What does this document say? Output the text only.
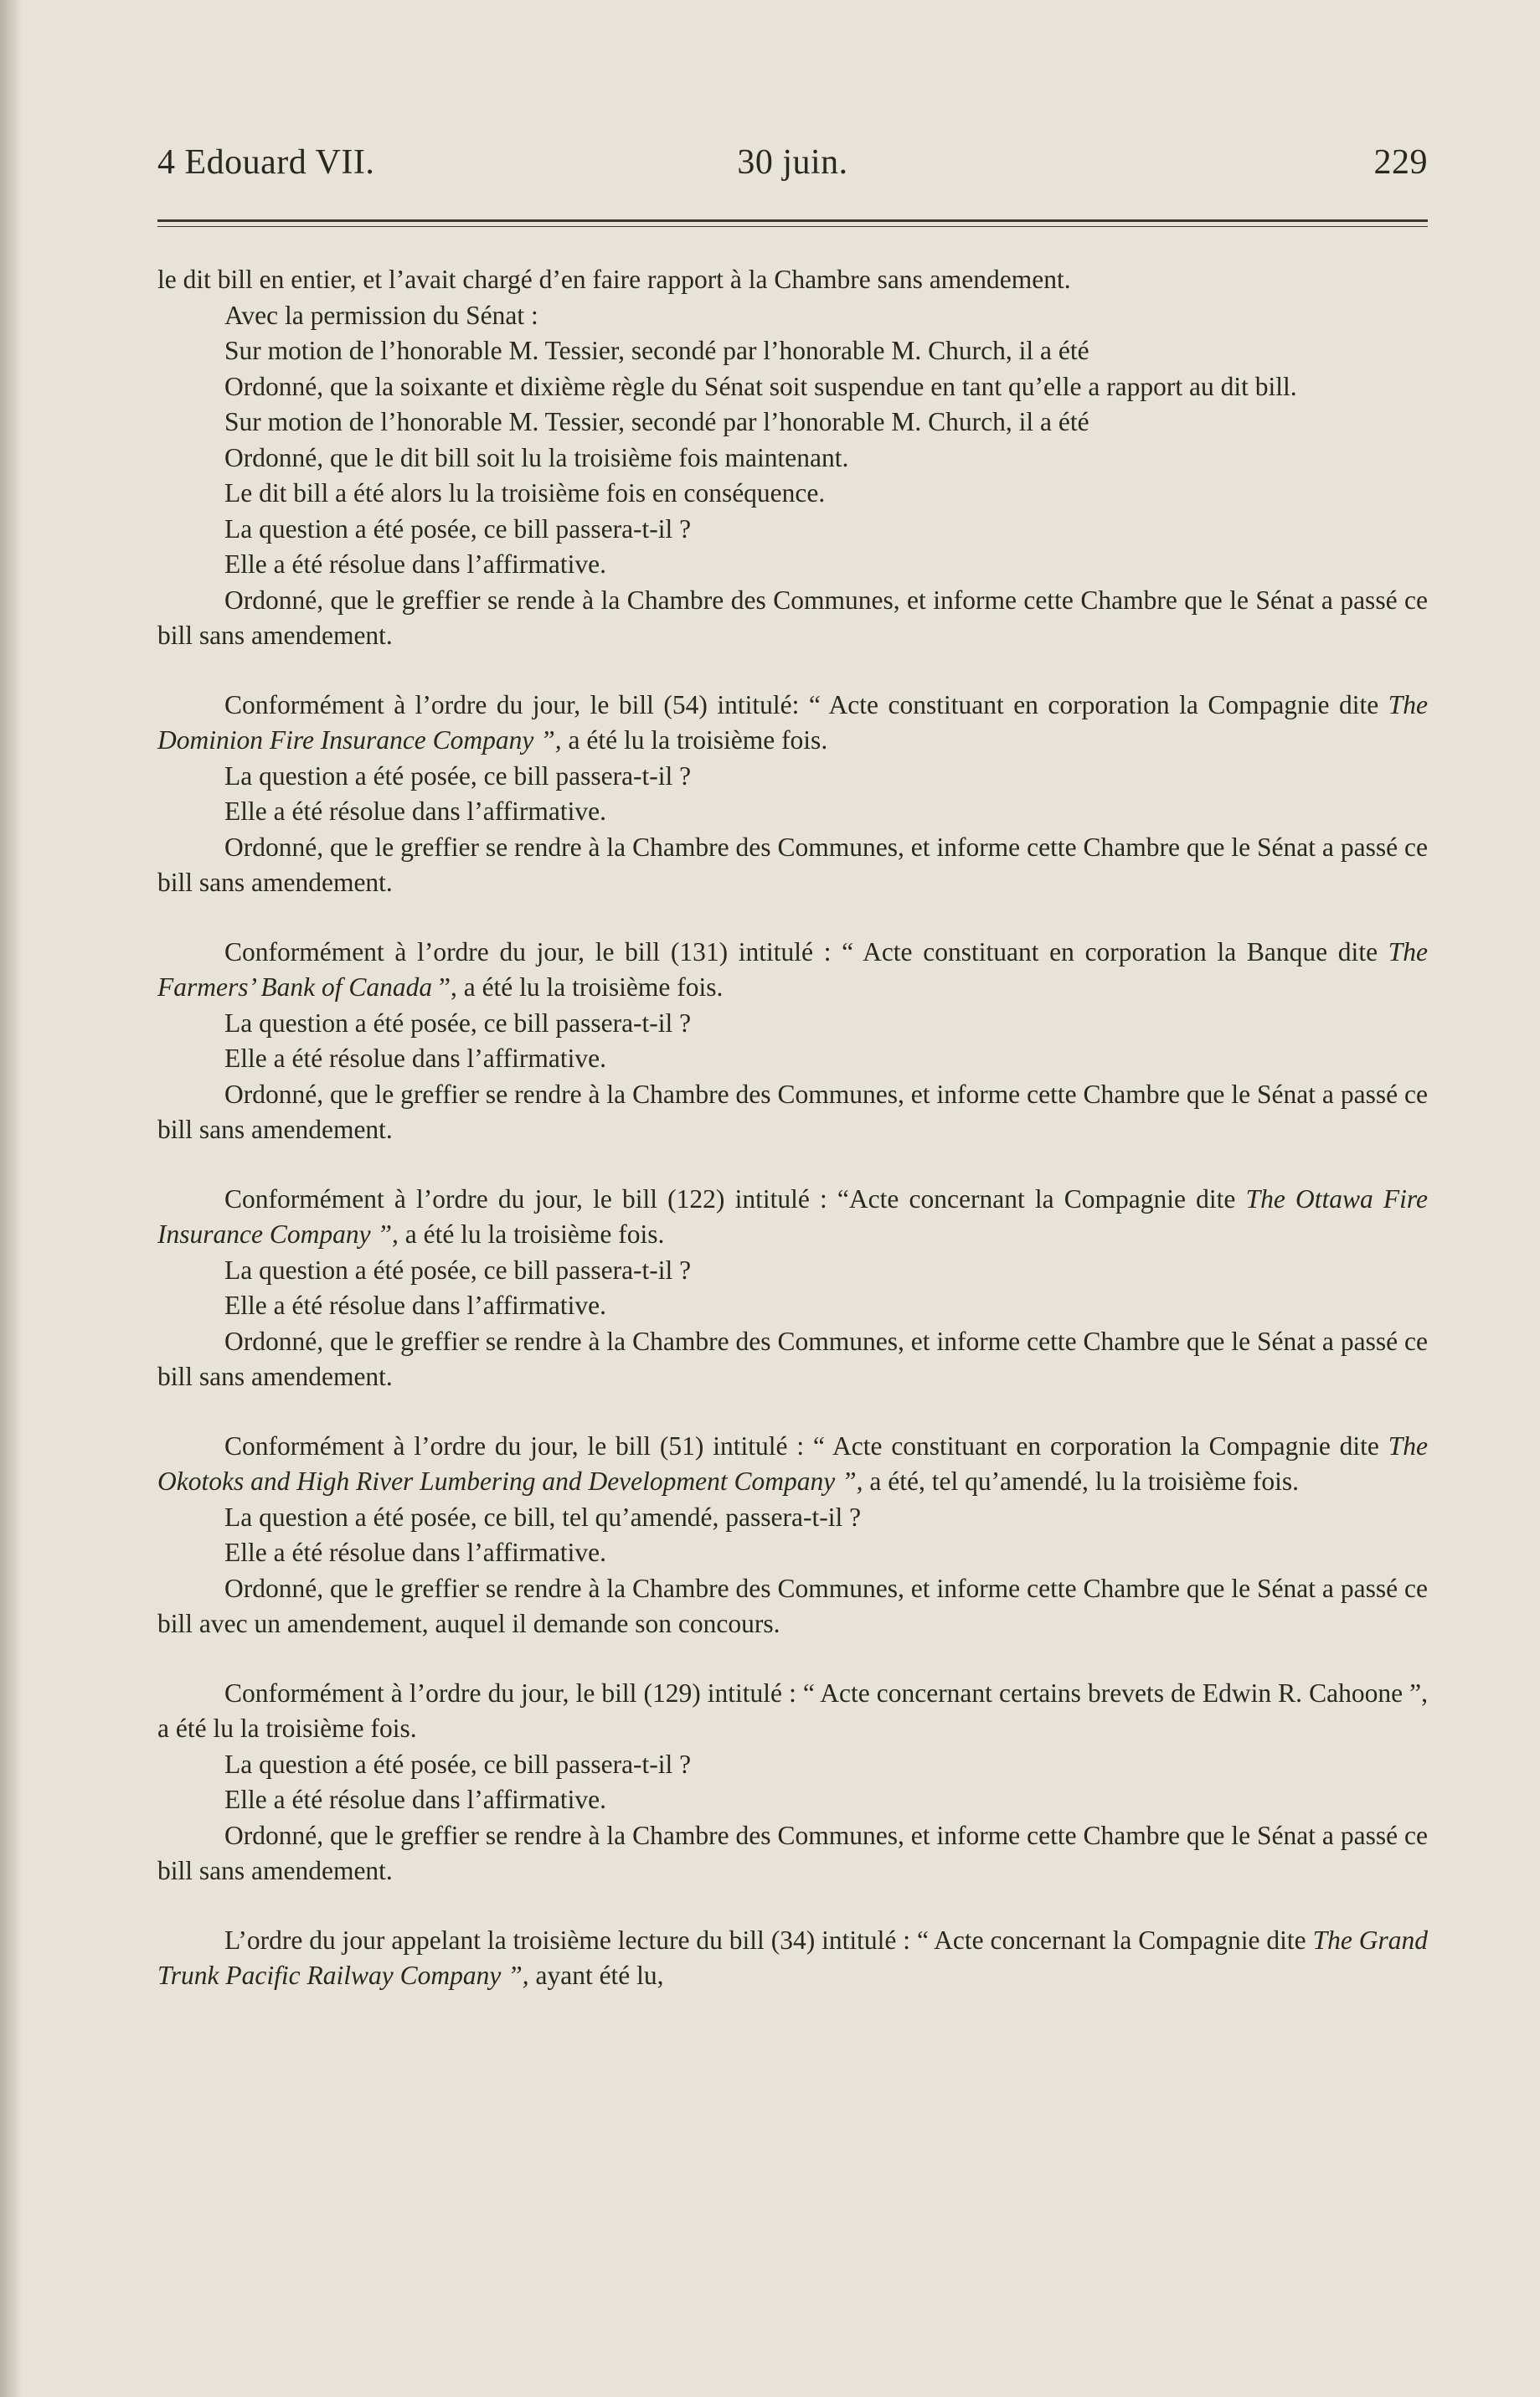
4 Edouard VII.	30 juin.	229

le dit bill en entier, et l’avait chargé d’en faire rapport à la Chambre sans amendement.

Avec la permission du Sénat :

Sur motion de l’honorable M. Tessier, secondé par l’honorable M. Church, il a été

Ordonné, que la soixante et dixième règle du Sénat soit suspendue en tant qu’elle a rapport au dit bill.

Sur motion de l’honorable M. Tessier, secondé par l’honorable M. Church, il a été

Ordonné, que le dit bill soit lu la troisième fois maintenant.

Le dit bill a été alors lu la troisième fois en conséquence.

La question a été posée, ce bill passera-t-il ?

Elle a été résolue dans l’affirmative.

Ordonné, que le greffier se rende à la Chambre des Communes, et informe cette Chambre que le Sénat a passé ce bill sans amendement.

Conformément à l’ordre du jour, le bill (54) intitulé: “ Acte constituant en corporation la Compagnie dite The Dominion Fire Insurance Company ”, a été lu la troisième fois.

La question a été posée, ce bill passera-t-il ?

Elle a été résolue dans l’affirmative.

Ordonné, que le greffier se rendre à la Chambre des Communes, et informe cette Chambre que le Sénat a passé ce bill sans amendement.

Conformément à l’ordre du jour, le bill (131) intitulé : “ Acte constituant en corporation la Banque dite The Farmers’ Bank of Canada ”, a été lu la troisième fois.

La question a été posée, ce bill passera-t-il ?

Elle a été résolue dans l’affirmative.

Ordonné, que le greffier se rendre à la Chambre des Communes, et informe cette Chambre que le Sénat a passé ce bill sans amendement.

Conformément à l’ordre du jour, le bill (122) intitulé : “Acte concernant la Compagnie dite The Ottawa Fire Insurance Company ”, a été lu la troisième fois.

La question a été posée, ce bill passera-t-il ?

Elle a été résolue dans l’affirmative.

Ordonné, que le greffier se rendre à la Chambre des Communes, et informe cette Chambre que le Sénat a passé ce bill sans amendement.

Conformément à l’ordre du jour, le bill (51) intitulé : “ Acte constituant en corporation la Compagnie dite The Okotoks and High River Lumbering and Development Company ”, a été, tel qu’amendé, lu la troisième fois.

La question a été posée, ce bill, tel qu’amendé, passera-t-il ?

Elle a été résolue dans l’affirmative.

Ordonné, que le greffier se rendre à la Chambre des Communes, et informe cette Chambre que le Sénat a passé ce bill avec un amendement, auquel il demande son concours.

Conformément à l’ordre du jour, le bill (129) intitulé : “ Acte concernant certains brevets de Edwin R. Cahoone ”, a été lu la troisième fois.

La question a été posée, ce bill passera-t-il ?

Elle a été résolue dans l’affirmative.

Ordonné, que le greffier se rendre à la Chambre des Communes, et informe cette Chambre que le Sénat a passé ce bill sans amendement.

L’ordre du jour appelant la troisième lecture du bill (34) intitulé : “ Acte concernant la Compagnie dite The Grand Trunk Pacific Railway Company ”, ayant été lu,
